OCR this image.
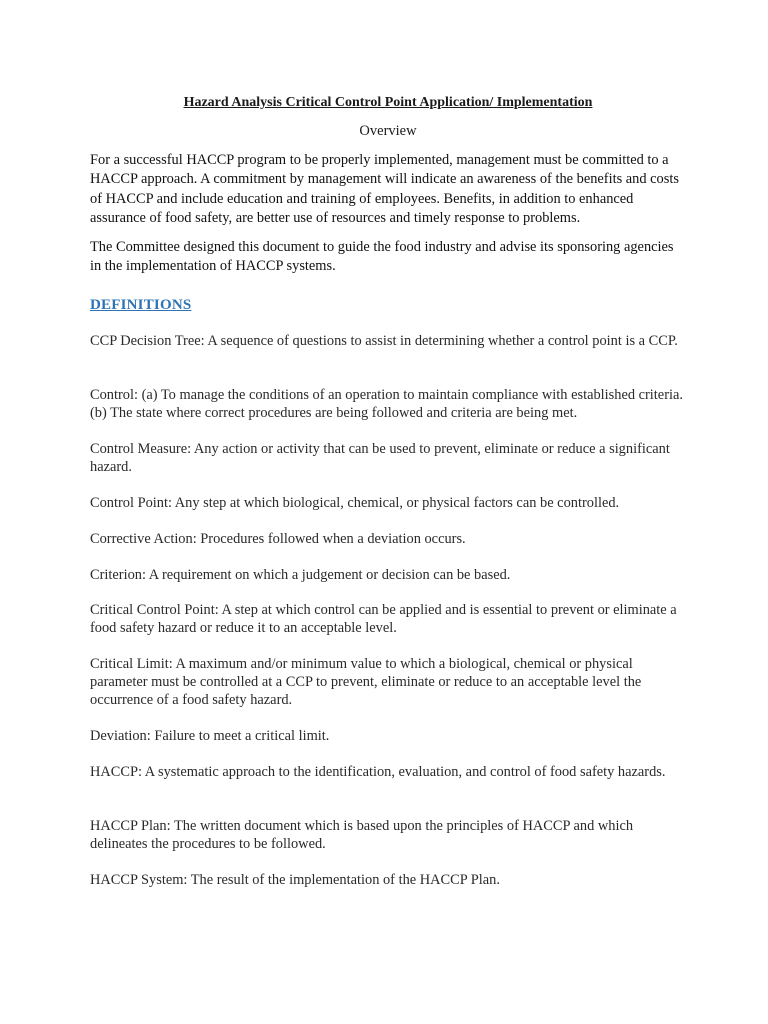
Hazard Analysis Critical Control Point Application/ Implementation

Overview

For a successful HACCP program to be properly implemented, management must be committed to a HACCP approach. A commitment by management will indicate an awareness of the benefits and costs of HACCP and include education and training of employees. Benefits, in addition to enhanced assurance of food safety, are better use of resources and timely response to problems.

The Committee designed this document to guide the food industry and advise its sponsoring agencies in the implementation of HACCP systems.

DEFINITIONS

CCP Decision Tree: A sequence of questions to assist in determining whether a control point is a CCP.

Control: (a) To manage the conditions of an operation to maintain compliance with established criteria. (b) The state where correct procedures are being followed and criteria are being met.

Control Measure: Any action or activity that can be used to prevent, eliminate or reduce a significant hazard.

Control Point: Any step at which biological, chemical, or physical factors can be controlled.

Corrective Action: Procedures followed when a deviation occurs.

Criterion: A requirement on which a judgement or decision can be based.

Critical Control Point: A step at which control can be applied and is essential to prevent or eliminate a food safety hazard or reduce it to an acceptable level.

Critical Limit: A maximum and/or minimum value to which a biological, chemical or physical parameter must be controlled at a CCP to prevent, eliminate or reduce to an acceptable level the occurrence of a food safety hazard.

Deviation: Failure to meet a critical limit.

HACCP: A systematic approach to the identification, evaluation, and control of food safety hazards.

HACCP Plan: The written document which is based upon the principles of HACCP and which delineates the procedures to be followed.

HACCP System: The result of the implementation of the HACCP Plan.
